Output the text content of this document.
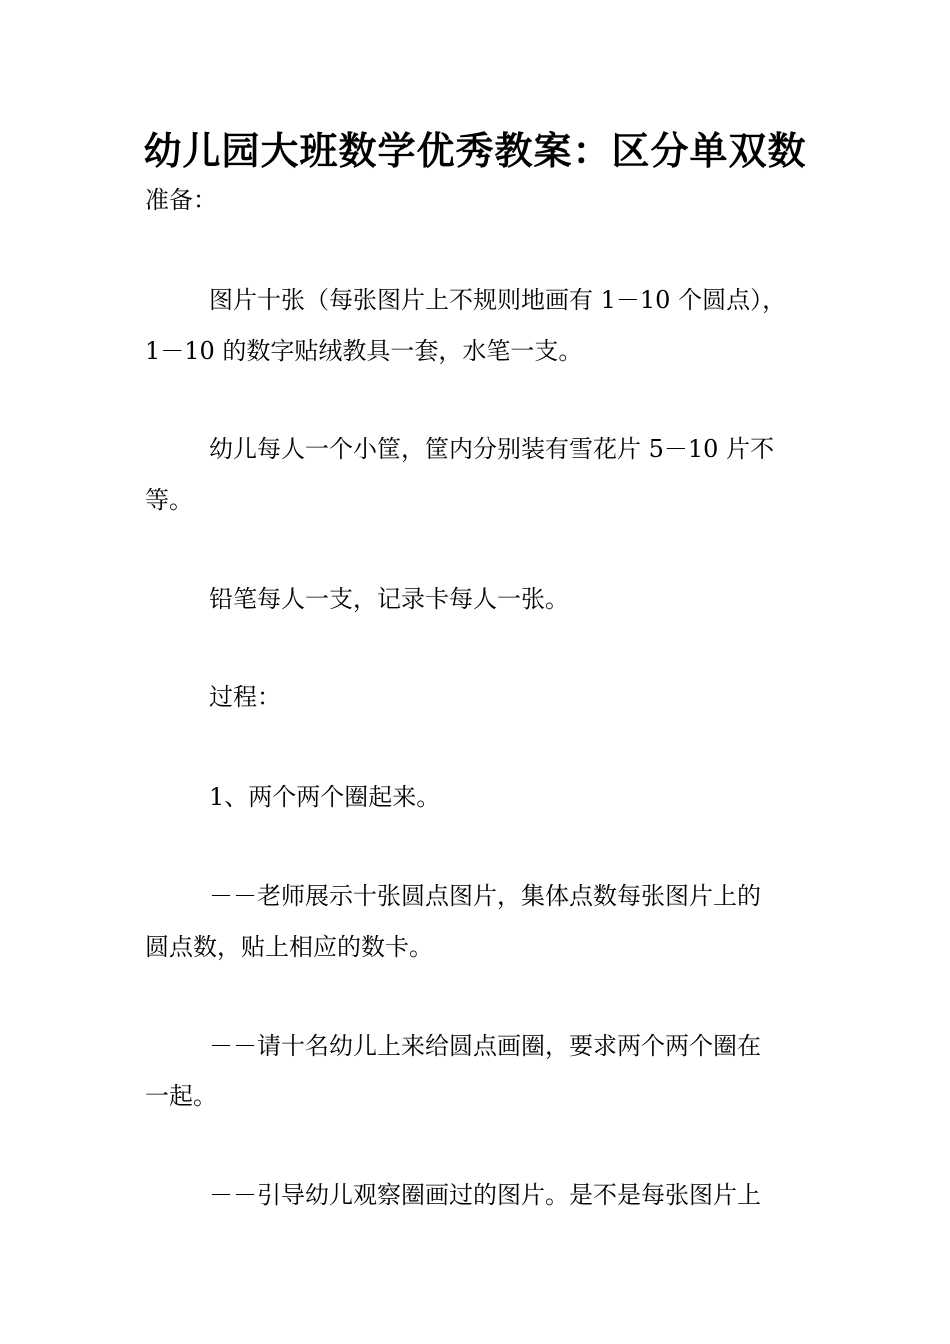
幼儿园大班数学优秀教案：区分单双数

准备：

图片十张（每张图片上不规则地画有 1－10 个圆点），

1－10 的数字贴绒教具一套，水笔一支。

幼儿每人一个小筐，筐内分别装有雪花片 5－10 片不

等。

铅笔每人一支，记录卡每人一张。

过程：

1、两个两个圈起来。

－－老师展示十张圆点图片，集体点数每张图片上的

圆点数，贴上相应的数卡。

－－请十名幼儿上来给圆点画圈，要求两个两个圈在

一起。

－－引导幼儿观察圈画过的图片。是不是每张图片上
